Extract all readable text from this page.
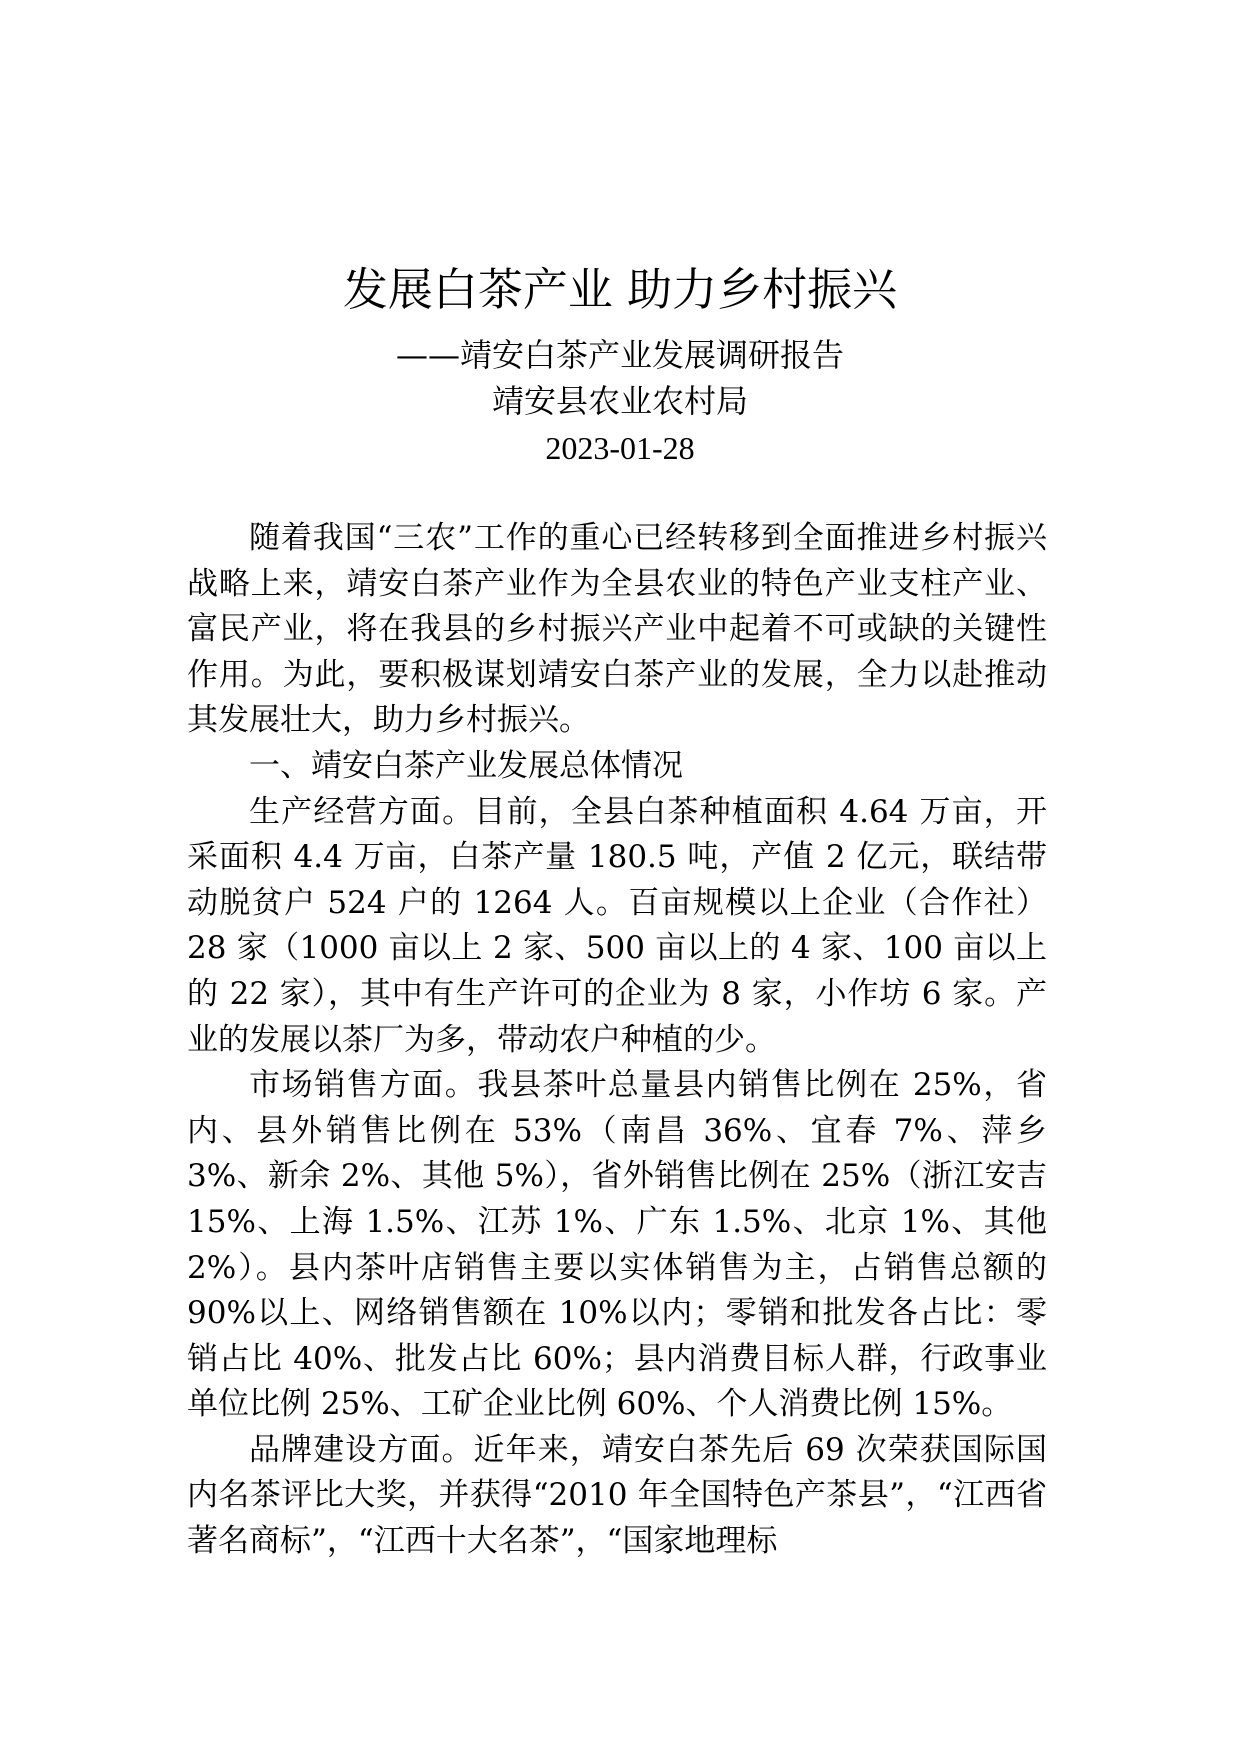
发展白茶产业 助力乡村振兴
——靖安白茶产业发展调研报告
靖安县农业农村局
2023-01-28

随着我国“三农”工作的重心已经转移到全面推进乡村振兴战略上来，靖安白茶产业作为全县农业的特色产业支柱产业、富民产业，将在我县的乡村振兴产业中起着不可或缺的关键性作用。为此，要积极谋划靖安白茶产业的发展，全力以赴推动其发展壮大，助力乡村振兴。

一、靖安白茶产业发展总体情况

生产经营方面。目前，全县白茶种植面积 4.64 万亩，开采面积 4.4 万亩，白茶产量 180.5 吨，产值 2 亿元，联结带动脱贫户 524 户的 1264 人。百亩规模以上企业（合作社）28 家（1000 亩以上 2 家、500 亩以上的 4 家、100 亩以上的 22 家），其中有生产许可的企业为 8 家，小作坊 6 家。产业的发展以茶厂为多，带动农户种植的少。

市场销售方面。我县茶叶总量县内销售比例在 25%，省内、县外销售比例在 53%（南昌 36%、宜春 7%、萍乡 3%、新余 2%、其他 5%），省外销售比例在 25%（浙江安吉 15%、上海 1.5%、江苏 1%、广东 1.5%、北京 1%、其他 2%）。县内茶叶店销售主要以实体销售为主，占销售总额的 90%以上、网络销售额在 10%以内；零销和批发各占比：零销占比 40%、批发占比 60%；县内消费目标人群，行政事业单位比例 25%、工矿企业比例 60%、个人消费比例 15%。

品牌建设方面。近年来，靖安白茶先后 69 次荣获国际国内名茶评比大奖，并获得“2010 年全国特色产茶县”，“江西省著名商标”，“江西十大名茶”，“国家地理标
